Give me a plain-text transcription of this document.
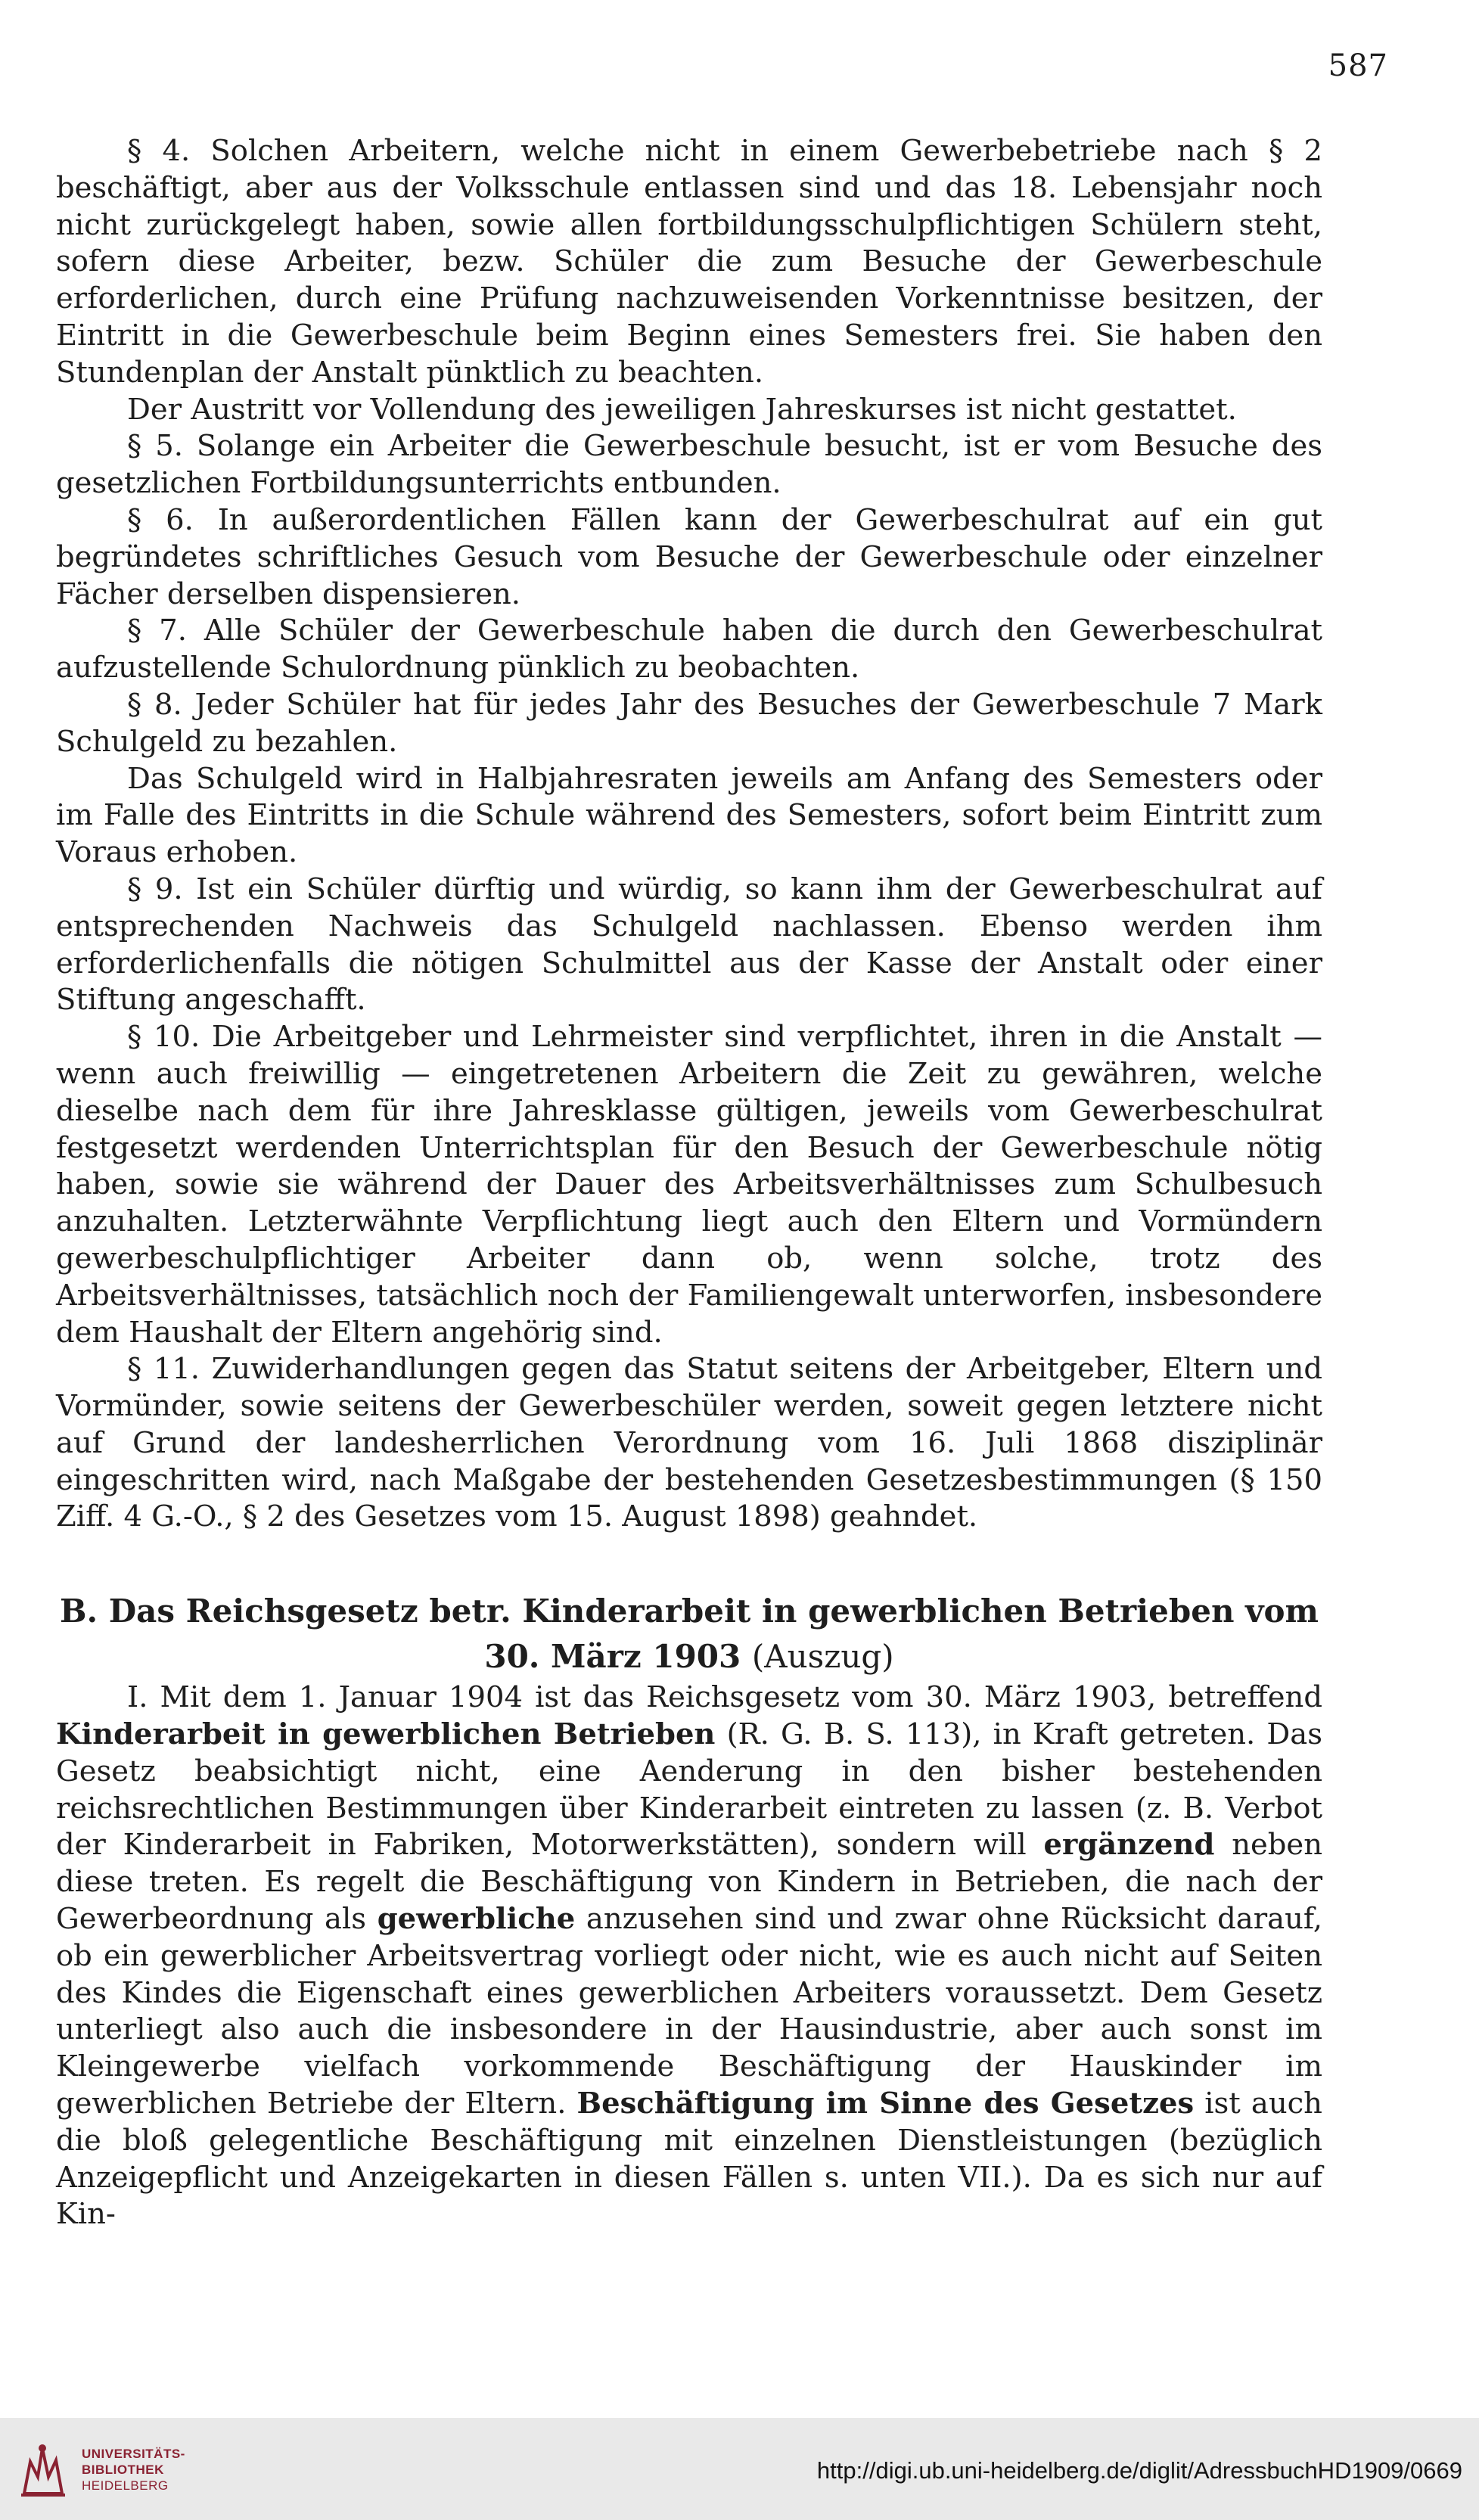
587

§ 4. Solchen Arbeitern, welche nicht in einem Gewerbebetriebe nach § 2 beschäftigt, aber aus der Volksschule entlassen sind und das 18. Lebensjahr noch nicht zurückgelegt haben, sowie allen fortbildungsschulpflichtigen Schülern steht, sofern diese Arbeiter, bezw. Schüler die zum Besuche der Gewerbeschule erforderlichen, durch eine Prüfung nachzuweisenden Vorkenntnisse besitzen, der Eintritt in die Gewerbeschule beim Beginn eines Semesters frei. Sie haben den Stundenplan der Anstalt pünktlich zu beachten.

Der Austritt vor Vollendung des jeweiligen Jahreskurses ist nicht gestattet.

§ 5. Solange ein Arbeiter die Gewerbeschule besucht, ist er vom Besuche des gesetzlichen Fortbildungsunterrichts entbunden.

§ 6. In außerordentlichen Fällen kann der Gewerbeschulrat auf ein gut begründetes schriftliches Gesuch vom Besuche der Gewerbeschule oder einzelner Fächer derselben dispensieren.

§ 7. Alle Schüler der Gewerbeschule haben die durch den Gewerbeschulrat aufzustellende Schulordnung pünklich zu beobachten.

§ 8. Jeder Schüler hat für jedes Jahr des Besuches der Gewerbeschule 7 Mark Schulgeld zu bezahlen.

Das Schulgeld wird in Halbjahresraten jeweils am Anfang des Semesters oder im Falle des Eintritts in die Schule während des Semesters, sofort beim Eintritt zum Voraus erhoben.

§ 9. Ist ein Schüler dürftig und würdig, so kann ihm der Gewerbeschulrat auf entsprechenden Nachweis das Schulgeld nachlassen. Ebenso werden ihm erforderlichenfalls die nötigen Schulmittel aus der Kasse der Anstalt oder einer Stiftung angeschafft.

§ 10. Die Arbeitgeber und Lehrmeister sind verpflichtet, ihren in die Anstalt — wenn auch freiwillig — eingetretenen Arbeitern die Zeit zu gewähren, welche dieselbe nach dem für ihre Jahresklasse gültigen, jeweils vom Gewerbeschulrat festgesetzt werdenden Unterrichtsplan für den Besuch der Gewerbeschule nötig haben, sowie sie während der Dauer des Arbeitsverhältnisses zum Schulbesuch anzuhalten. Letzterwähnte Verpflichtung liegt auch den Eltern und Vormündern gewerbeschulpflichtiger Arbeiter dann ob, wenn solche, trotz des Arbeitsverhältnisses, tatsächlich noch der Familiengewalt unterworfen, insbesondere dem Haushalt der Eltern angehörig sind.

§ 11. Zuwiderhandlungen gegen das Statut seitens der Arbeitgeber, Eltern und Vormünder, sowie seitens der Gewerbeschüler werden, soweit gegen letztere nicht auf Grund der landesherrlichen Verordnung vom 16. Juli 1868 disziplinär eingeschritten wird, nach Maßgabe der bestehenden Gesetzesbestimmungen (§ 150 Ziff. 4 G.-O., § 2 des Gesetzes vom 15. August 1898) geahndet.

B. Das Reichsgesetz betr. Kinderarbeit in gewerblichen Betrieben vom 30. März 1903 (Auszug)

I. Mit dem 1. Januar 1904 ist das Reichsgesetz vom 30. März 1903, betreffend Kinderarbeit in gewerblichen Betrieben (R. G. B. S. 113), in Kraft getreten. Das Gesetz beabsichtigt nicht, eine Aenderung in den bisher bestehenden reichsrechtlichen Bestimmungen über Kinderarbeit eintreten zu lassen (z. B. Verbot der Kinderarbeit in Fabriken, Motorwerkstätten), sondern will ergänzend neben diese treten. Es regelt die Beschäftigung von Kindern in Betrieben, die nach der Gewerbeordnung als gewerbliche anzusehen sind und zwar ohne Rücksicht darauf, ob ein gewerblicher Arbeitsvertrag vorliegt oder nicht, wie es auch nicht auf Seiten des Kindes die Eigenschaft eines gewerblichen Arbeiters voraussetzt. Dem Gesetz unterliegt also auch die insbesondere in der Hausindustrie, aber auch sonst im Kleingewerbe vielfach vorkommende Beschäftigung der Hauskinder im gewerblichen Betriebe der Eltern. Beschäftigung im Sinne des Gesetzes ist auch die bloß gelegentliche Beschäftigung mit einzelnen Dienstleistungen (bezüglich Anzeigepflicht und Anzeigekarten in diesen Fällen s. unten VII.). Da es sich nur auf Kin-

UNIVERSITÄTS-
BIBLIOTHEK
HEIDELBERG
http://digi.ub.uni-heidelberg.de/diglit/AdressbuchHD1909/0669
